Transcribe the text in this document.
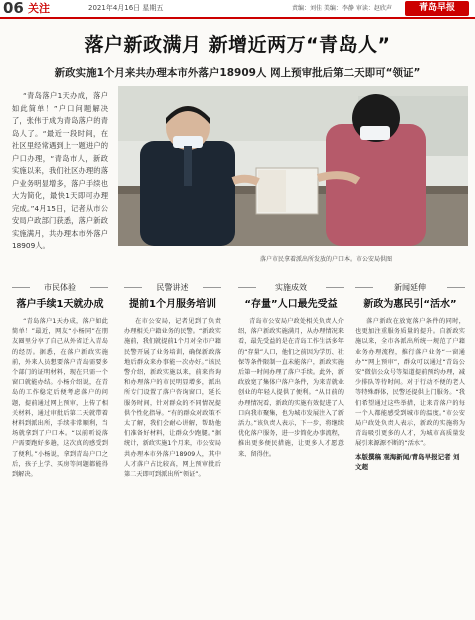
06 关注	2021年4月16日 星期五	责编：刘佳 美编：李静 审读：赵欣声	青岛早报
落户新政满月 新增近两万“青岛人”
新政实施1个月来共办理本市外落户18909人 网上预审批后第二天即可“领证”
“青岛落户1天办成，落户如此简单！”户口问题解决了，张伟于成为青岛落户的青岛人了。“最近一段时间，在社区里经常遇到上一题进户的户口办理，“青岛市人，新政实施以来，我们社区办理的落户业务明显增多，落户手续也大为简化，最快1天即可办理完成。”4月15日，记者从市公安局户政部门获悉，落户新政实施满月，共办理本市外落户18909人。
落户市民拿着派出所发放的户口本。市公安局供图
市民体验
落户手续1天就办成
“青岛落户1天办成，落户如此简单！”最近，网友“小杨同”在朋友圈里分享了自己从外省迁入青岛的经历。据悉，在落户新政实施前，外来人员想要落户青岛需要多个部门的证明材料，现在只需一个窗口就能办结。小杨介绍说，在青岛的工作稳定后便考虑落户的问题，提前通过网上预审，上传了相关材料，通过审批后第二天就带着材料到派出所，手续非常顺利，当场就拿到了户口本。“以前听说落户需要跑好多趟，这次真的感受到了便利。”小杨说，拿到青岛户口之后，孩子上学、买房等问题都能得到解决。
民警讲述
提前1个月服务培训
在市公安局，记者见到了负责办理相关户籍业务的民警。“新政实施前，我们就提前1个月对全市户籍民警开展了业务培训，确保新政落地后群众来办事能一次办好。”该民警介绍，新政实施以来，前来咨询和办理落户的市民明显增多，派出所专门设置了落户咨询窗口，延长服务时间，针对群众的不同情况提供个性化指导。“有的群众对政策不太了解，我们会耐心讲解，帮助他们准备好材料，让群众少跑腿。”据统计，新政实施1个月来，市公安局共办理本市外落户18909人，其中人才落户占比较高，网上预审批后第二天即可到派出所“领证”。
实施成效
“存量”人口最先受益
青岛市公安局户政处相关负责人介绍，落户新政实施满月，从办理情况来看，最先受益的是在青岛工作生活多年的“存量”人口，他们之前因为学历、社保等条件限制一直未能落户，新政实施后第一时间办理了落户手续。此外，新政放宽了集体户落户条件，为来青就业创业的年轻人提供了便利。“从目前的办理情况看，新政的实施有效促进了人口向我市聚集，也为城市发展注入了新活力。”该负责人表示，下一步，将继续优化落户服务，进一步简化办事流程，推出更多便民措施，让更多人才愿意来、留得住。
新闻延伸
新政为惠民引“活水”
落户新政在放宽落户条件的同时，也更加注重服务质量的提升。自新政实施以来，全市各派出所统一规范了户籍业务办理流程，推行落户业务“一窗通办”“网上预审”，群众可以通过“青岛公安”微信公众号等渠道提前预约办理，减少排队等待时间。对于行动不便的老人等特殊群体，民警还提供上门服务。“我们希望通过这些举措，让来青落户的每一个人都能感受到城市的温度。”市公安局户政处负责人表示，新政的实施将为青岛吸引更多的人才，为城市高质量发展引来源源不断的“活水”。
本版撰稿 观海新闻/青岛早报记者 刘文超
